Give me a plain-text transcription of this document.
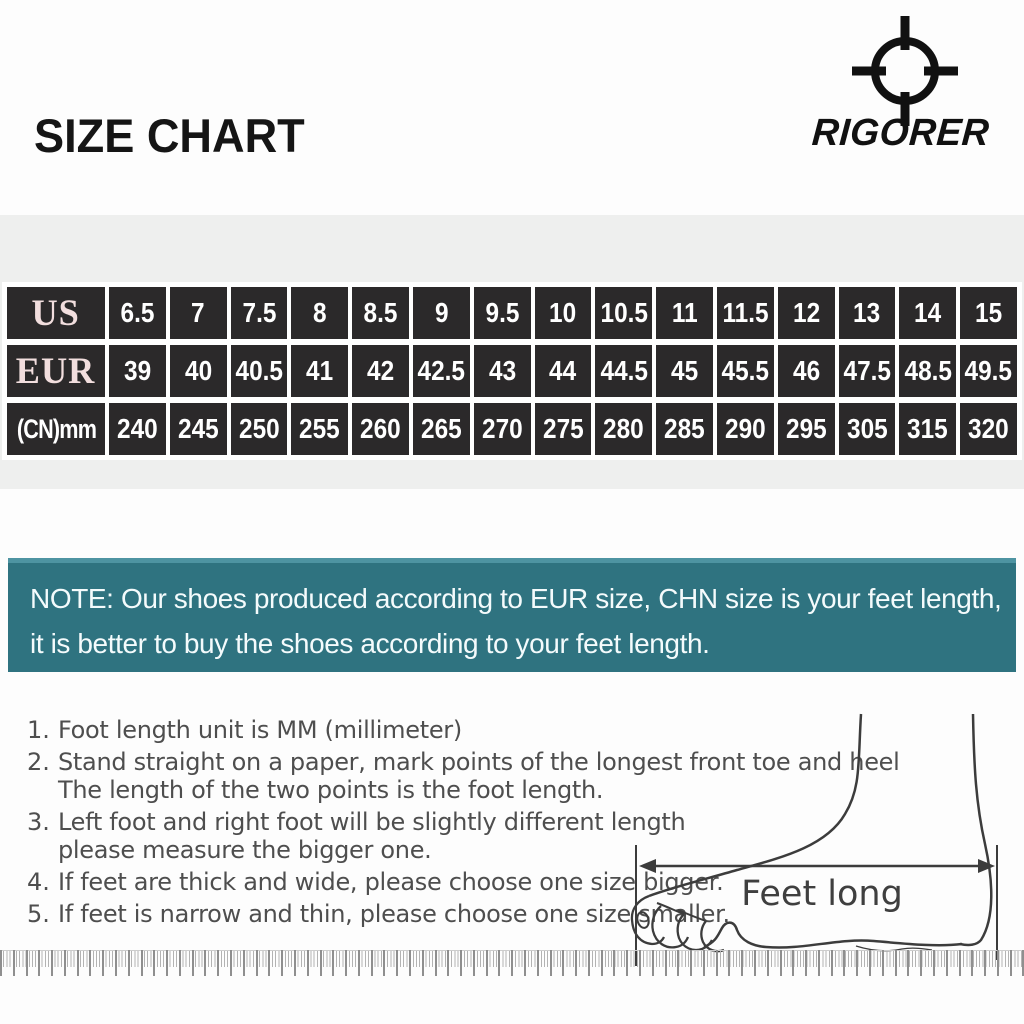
SIZE CHART	RIGORER
US 6.5 7 7.5 8 8.5 9 9.5 10 10.5 11 11.5 12 13 14 15
EUR 39 40 40.5 41 42 42.5 43 44 44.5 45 45.5 46 47.5 48.5 49.5
(CN)mm 240 245 250 255 260 265 270 275 280 285 290 295 305 315 320
NOTE: Our shoes produced according to EUR size, CHN size is your feet length,
it is better to buy the shoes according to your feet length.
1. Foot length unit is MM (millimeter)
2. Stand straight on a paper, mark points of the longest front toe and heel
The length of the two points is the foot length.
3. Left foot and right foot will be slightly different length
please measure the bigger one.
4. If feet are thick and wide, please choose one size bigger.
5. If feet is narrow and thin, please choose one size smaller. Feet long
